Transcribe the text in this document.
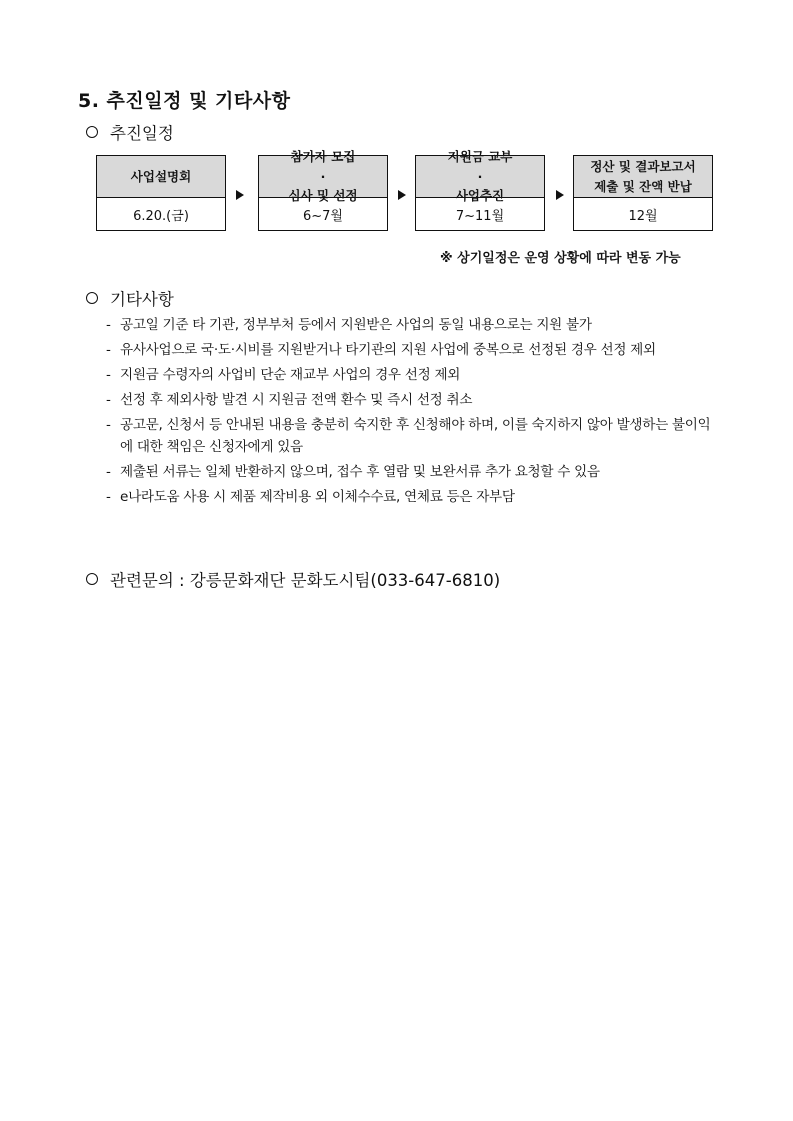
5. 추진일정 및 기타사항
추진일정
사업설명회
6.20.(금)
참가자 모집
·
심사 및 선정
6~7월
지원금 교부
·
사업추진
7~11월
정산 및 결과보고서
제출 및 잔액 반납
12월
※ 상기일정은 운영 상황에 따라 변동 가능
기타사항
- 공고일 기준 타 기관, 정부부처 등에서 지원받은 사업의 동일 내용으로는 지원 불가
- 유사사업으로 국·도·시비를 지원받거나 타기관의 지원 사업에 중복으로 선정된 경우 선정 제외
- 지원금 수령자의 사업비 단순 재교부 사업의 경우 선정 제외
- 선정 후 제외사항 발견 시 지원금 전액 환수 및 즉시 선정 취소
- 공고문, 신청서 등 안내된 내용을 충분히 숙지한 후 신청해야 하며, 이를 숙지하지 않아 발생하는 불이익에 대한 책임은 신청자에게 있음
- 제출된 서류는 일체 반환하지 않으며, 접수 후 열람 및 보완서류 추가 요청할 수 있음
- e나라도움 사용 시 제품 제작비용 외 이체수수료, 연체료 등은 자부담
관련문의 : 강릉문화재단 문화도시팀(033-647-6810)
